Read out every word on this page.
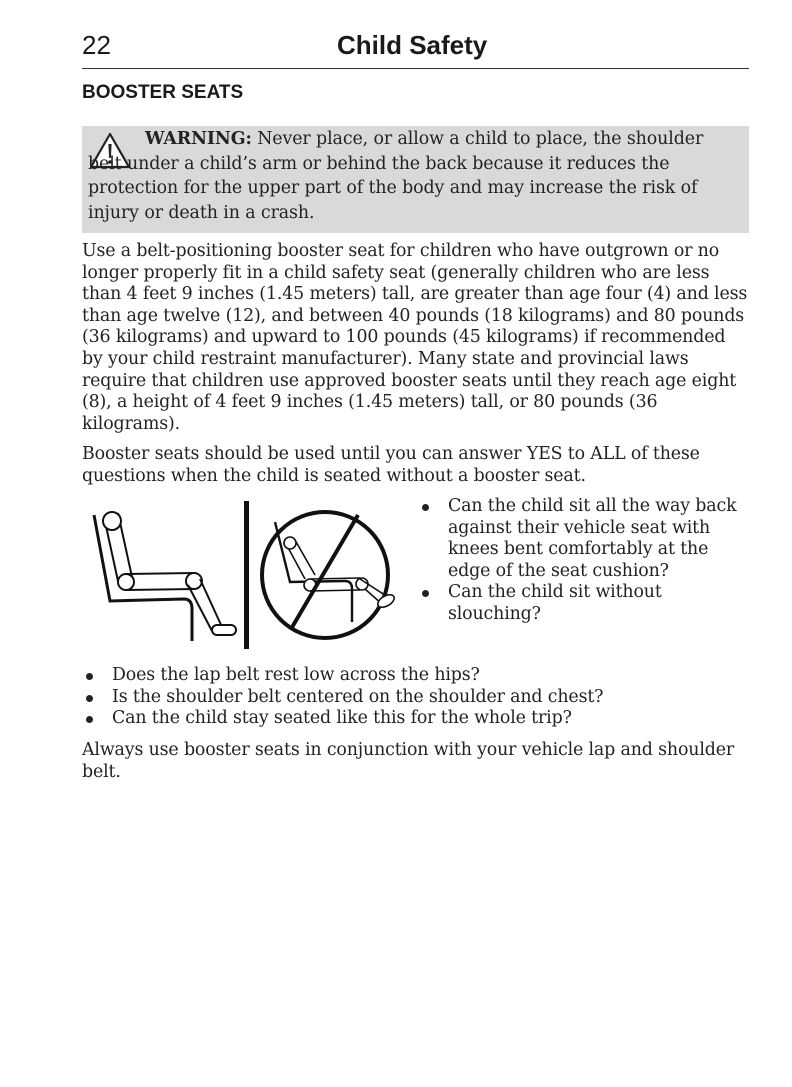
22	Child Safety
BOOSTER SEATS
WARNING: Never place, or allow a child to place, the shoulder belt under a child’s arm or behind the back because it reduces the protection for the upper part of the body and may increase the risk of injury or death in a crash.

Use a belt-positioning booster seat for children who have outgrown or no longer properly fit in a child safety seat (generally children who are less than 4 feet 9 inches (1.45 meters) tall, are greater than age four (4) and less than age twelve (12), and between 40 pounds (18 kilograms) and 80 pounds (36 kilograms) and upward to 100 pounds (45 kilograms) if recommended by your child restraint manufacturer). Many state and provincial laws require that children use approved booster seats until they reach age eight (8), a height of 4 feet 9 inches (1.45 meters) tall, or 80 pounds (36 kilograms).

Booster seats should be used until you can answer YES to ALL of these questions when the child is seated without a booster seat.

Can the child sit all the way back against their vehicle seat with knees bent comfortably at the edge of the seat cushion?
Can the child sit without slouching?
Does the lap belt rest low across the hips?
Is the shoulder belt centered on the shoulder and chest?
Can the child stay seated like this for the whole trip?

Always use booster seats in conjunction with your vehicle lap and shoulder belt.
